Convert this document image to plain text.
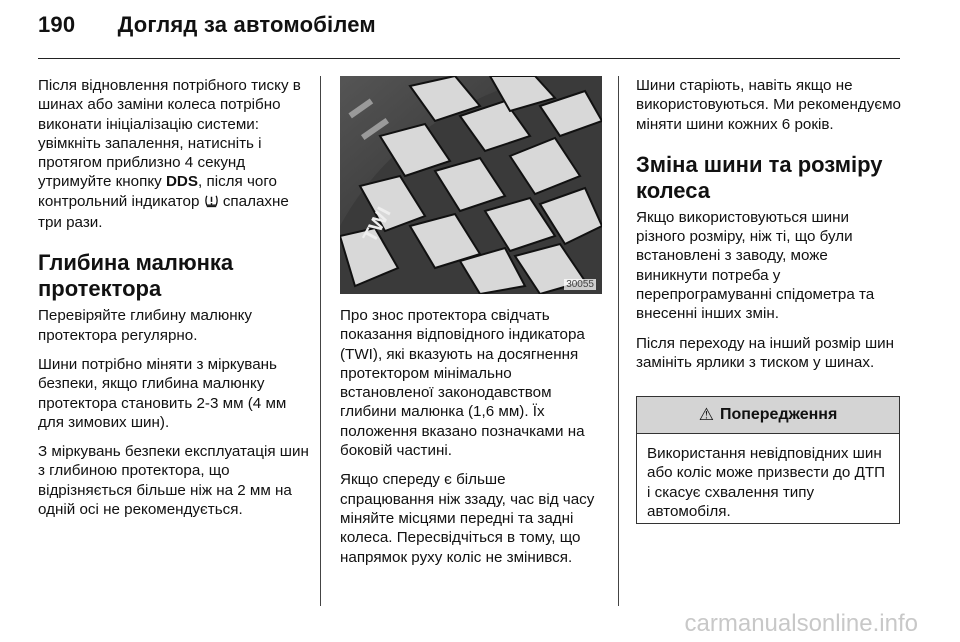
190 Догляд за автомобілем

Після відновлення потрібного тиску в шинах або заміни колеса потрібно виконати ініціалізацію системи: увімкніть запалення, натисніть і протягом приблизно 4 секунд утримуйте кнопку DDS, після чого контрольний індикатор  спалахне три рази.

Глибина малюнка протектора

Перевіряйте глибину малюнку протектора регулярно.

Шини потрібно міняти з міркувань безпеки, якщо глибина малюнку протектора становить 2-3 мм (4 мм для зимових шин).

З міркувань безпеки експлуатація шин з глибиною протектора, що відрізняється більше ніж на 2 мм на одній осі не рекомендується.

TWI
30055

Про знос протектора свідчать показання відповідного індикатора (TWI), які вказують на досягнення протектором мінімально встановленої законодавством глибини малюнка (1,6 мм). Їх положення вказано позначками на боковій частині.

Якщо спереду є більше спрацювання ніж ззаду, час від часу міняйте місцями передні та задні колеса. Пересвідчіться в тому, що напрямок руху коліс не змінився.

Шини старіють, навіть якщо не використовуються. Ми рекомендуємо міняти шини кожних 6 років.

Зміна шини та розміру колеса

Якщо використовуються шини різного розміру, ніж ті, що були встановлені з заводу, може виникнути потреба у перепрограмуванні спідометра та внесенні інших змін.

Після переходу на інший розмір шин замініть ярлики з тиском у шинах.

⚠ Попередження
Використання невідповідних шин або коліс може призвести до ДТП і скасує схвалення типу автомобіля.
carmanualsonline.info
